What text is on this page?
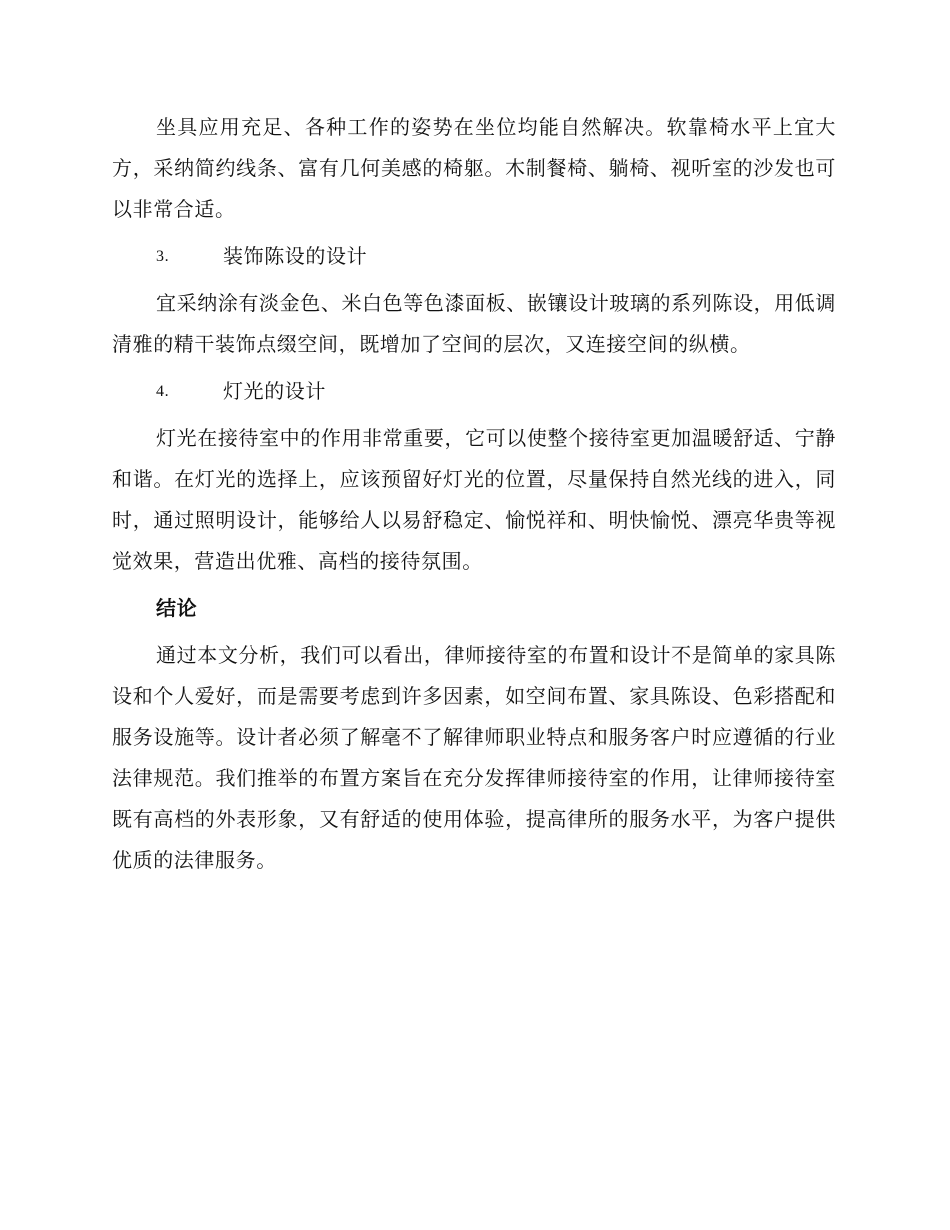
坐具应用充足、各种工作的姿势在坐位均能自然解决。软靠椅水平上宜大方，采纳简约线条、富有几何美感的椅躯。木制餐椅、躺椅、视听室的沙发也可以非常合适。

3.	装饰陈设的设计

宜采纳涂有淡金色、米白色等色漆面板、嵌镶设计玻璃的系列陈设，用低调清雅的精干装饰点缀空间，既增加了空间的层次，又连接空间的纵横。

4.	灯光的设计

灯光在接待室中的作用非常重要，它可以使整个接待室更加温暖舒适、宁静和谐。在灯光的选择上，应该预留好灯光的位置，尽量保持自然光线的进入，同时，通过照明设计，能够给人以易舒稳定、愉悦祥和、明快愉悦、漂亮华贵等视觉效果，营造出优雅、高档的接待氛围。

结论

通过本文分析，我们可以看出，律师接待室的布置和设计不是简单的家具陈设和个人爱好，而是需要考虑到许多因素，如空间布置、家具陈设、色彩搭配和服务设施等。设计者必须了解毫不了解律师职业特点和服务客户时应遵循的行业法律规范。我们推举的布置方案旨在充分发挥律师接待室的作用，让律师接待室既有高档的外表形象，又有舒适的使用体验，提高律所的服务水平，为客户提供优质的法律服务。
